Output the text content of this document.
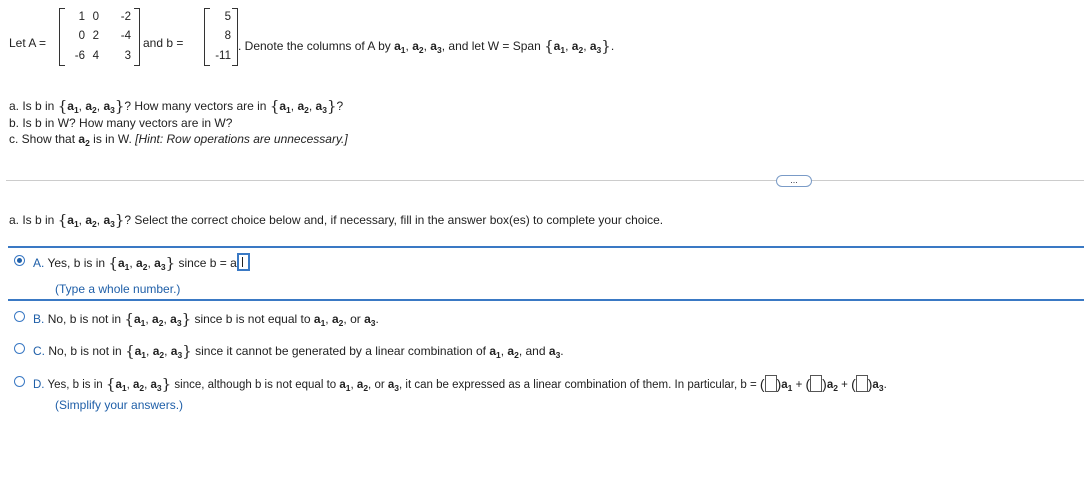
Let A =
1 0 -2
0 2 -4
-6 4 3
and b =
5
8
-11
. Denote the columns of A by $a_1$, $a_2$, $a_3$, and let W = Span {$a_1$, $a_2$, $a_3$}.
a. Is b in {$a_1$, $a_2$, $a_3$}? How many vectors are in {$a_1$, $a_2$, $a_3$}?
b. Is b in W? How many vectors are in W?
c. Show that $a_2$ is in W. [Hint: Row operations are unnecessary.]
...
a. Is b in {$a_1$, $a_2$, $a_3$}? Select the correct choice below and, if necessary, fill in the answer box(es) to complete your choice.
A. Yes, b is in {$a_1$, $a_2$, $a_3$} since b = a
(Type a whole number.)
B. No, b is not in {$a_1$, $a_2$, $a_3$} since b is not equal to $a_1$, $a_2$, or $a_3$.
C. No, b is not in {$a_1$, $a_2$, $a_3$} since it cannot be generated by a linear combination of $a_1$, $a_2$, and $a_3$.
D. Yes, b is in {$a_1$, $a_2$, $a_3$} since, although b is not equal to $a_1$, $a_2$, or $a_3$, it can be expressed as a linear combination of them. In particular, b = ( )$a_1$ + ( )$a_2$ + ( )$a_3$.
(Simplify your answers.)
